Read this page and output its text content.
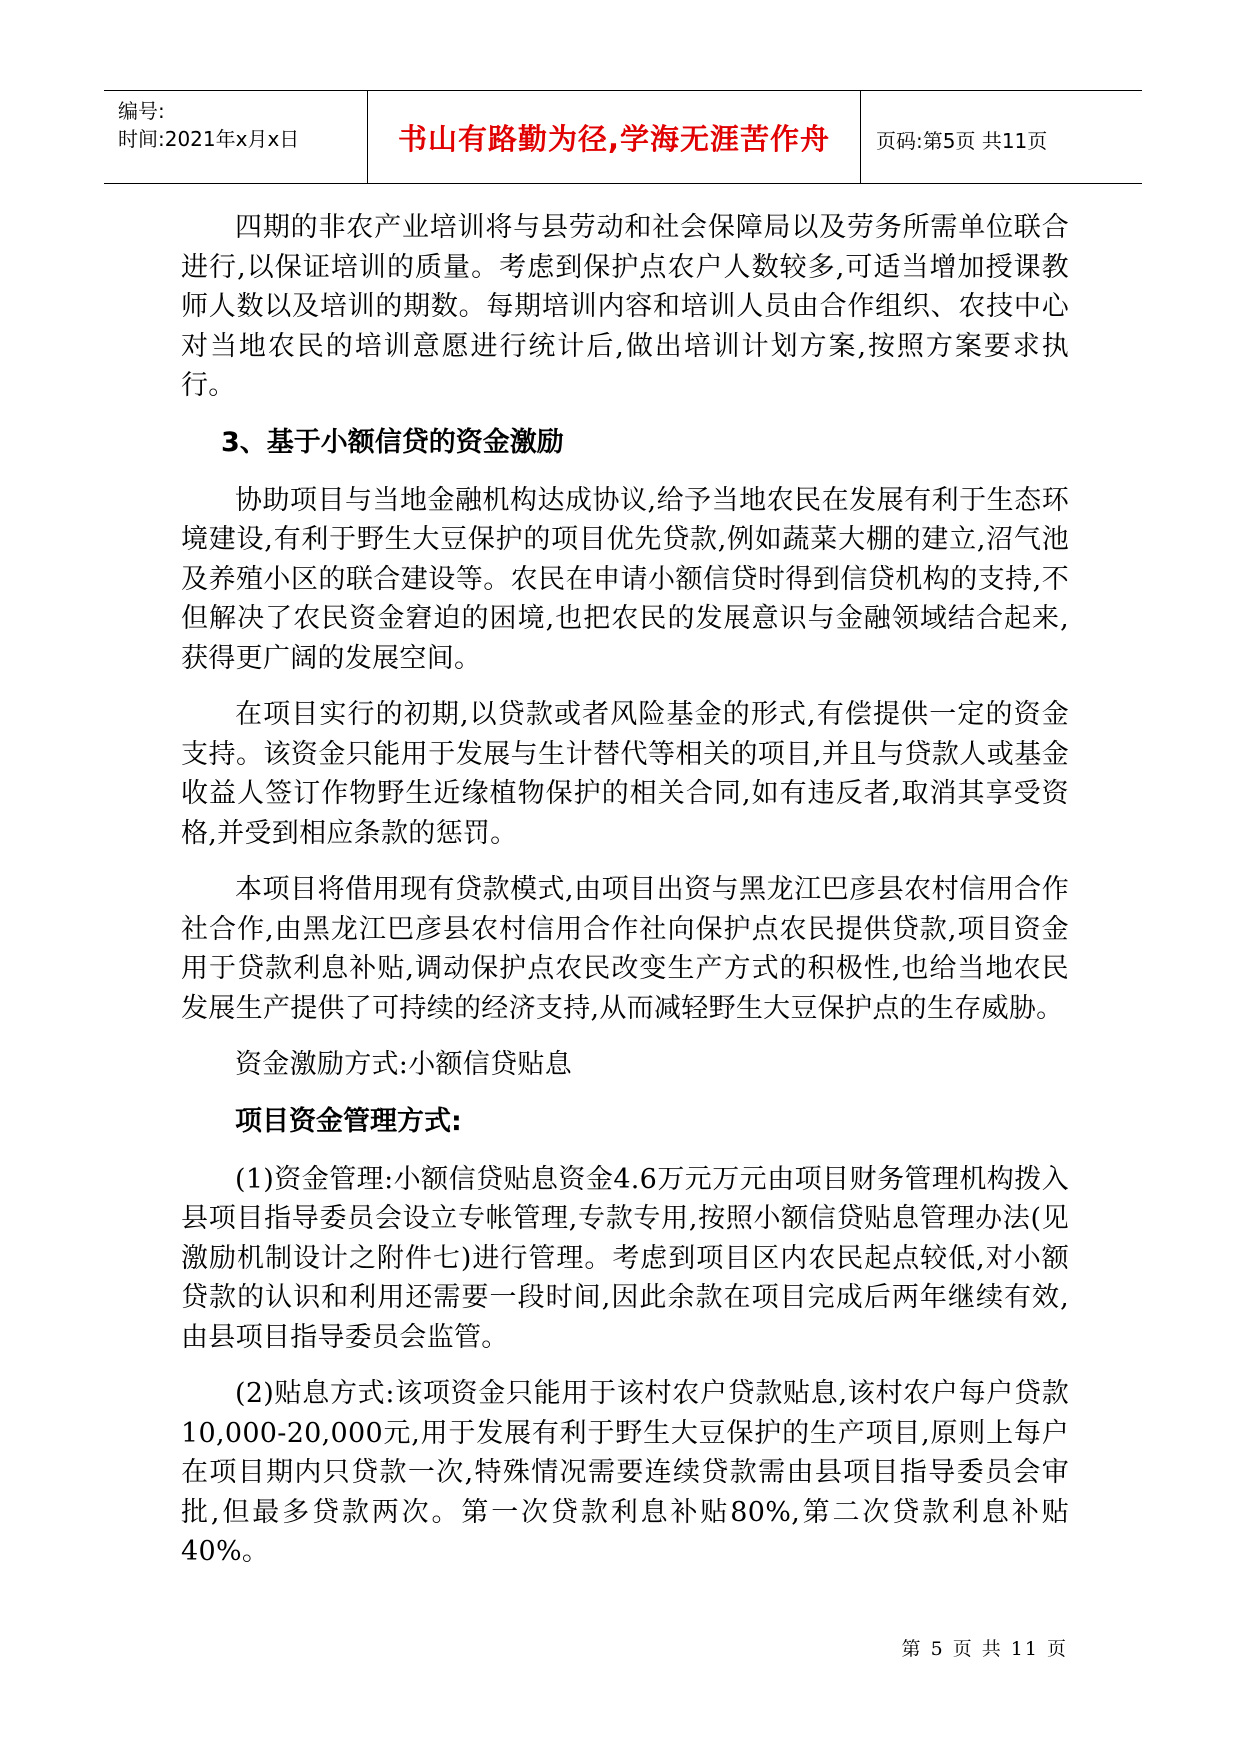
编号:
时间:2021年x月x日	书山有路勤为径,学海无涯苦作舟	页码:第5页 共11页

四期的非农产业培训将与县劳动和社会保障局以及劳务所需单位联合进行,以保证培训的质量。考虑到保护点农户人数较多,可适当增加授课教师人数以及培训的期数。每期培训内容和培训人员由合作组织、农技中心对当地农民的培训意愿进行统计后,做出培训计划方案,按照方案要求执行。

3、基于小额信贷的资金激励

协助项目与当地金融机构达成协议,给予当地农民在发展有利于生态环境建设,有利于野生大豆保护的项目优先贷款,例如蔬菜大棚的建立,沼气池及养殖小区的联合建设等。农民在申请小额信贷时得到信贷机构的支持,不但解决了农民资金窘迫的困境,也把农民的发展意识与金融领域结合起来,获得更广阔的发展空间。

在项目实行的初期,以贷款或者风险基金的形式,有偿提供一定的资金支持。该资金只能用于发展与生计替代等相关的项目,并且与贷款人或基金收益人签订作物野生近缘植物保护的相关合同,如有违反者,取消其享受资格,并受到相应条款的惩罚。

本项目将借用现有贷款模式,由项目出资与黑龙江巴彦县农村信用合作社合作,由黑龙江巴彦县农村信用合作社向保护点农民提供贷款,项目资金用于贷款利息补贴,调动保护点农民改变生产方式的积极性,也给当地农民发展生产提供了可持续的经济支持,从而减轻野生大豆保护点的生存威胁。

资金激励方式:小额信贷贴息

项目资金管理方式:

(1)资金管理:小额信贷贴息资金4.6万元万元由项目财务管理机构拨入县项目指导委员会设立专帐管理,专款专用,按照小额信贷贴息管理办法(见激励机制设计之附件七)进行管理。考虑到项目区内农民起点较低,对小额贷款的认识和利用还需要一段时间,因此余款在项目完成后两年继续有效,由县项目指导委员会监管。

(2)贴息方式:该项资金只能用于该村农户贷款贴息,该村农户每户贷款10,000-20,000元,用于发展有利于野生大豆保护的生产项目,原则上每户在项目期内只贷款一次,特殊情况需要连续贷款需由县项目指导委员会审批,但最多贷款两次。第一次贷款利息补贴80%,第二次贷款利息补贴40%。

第 5 页 共 11 页
